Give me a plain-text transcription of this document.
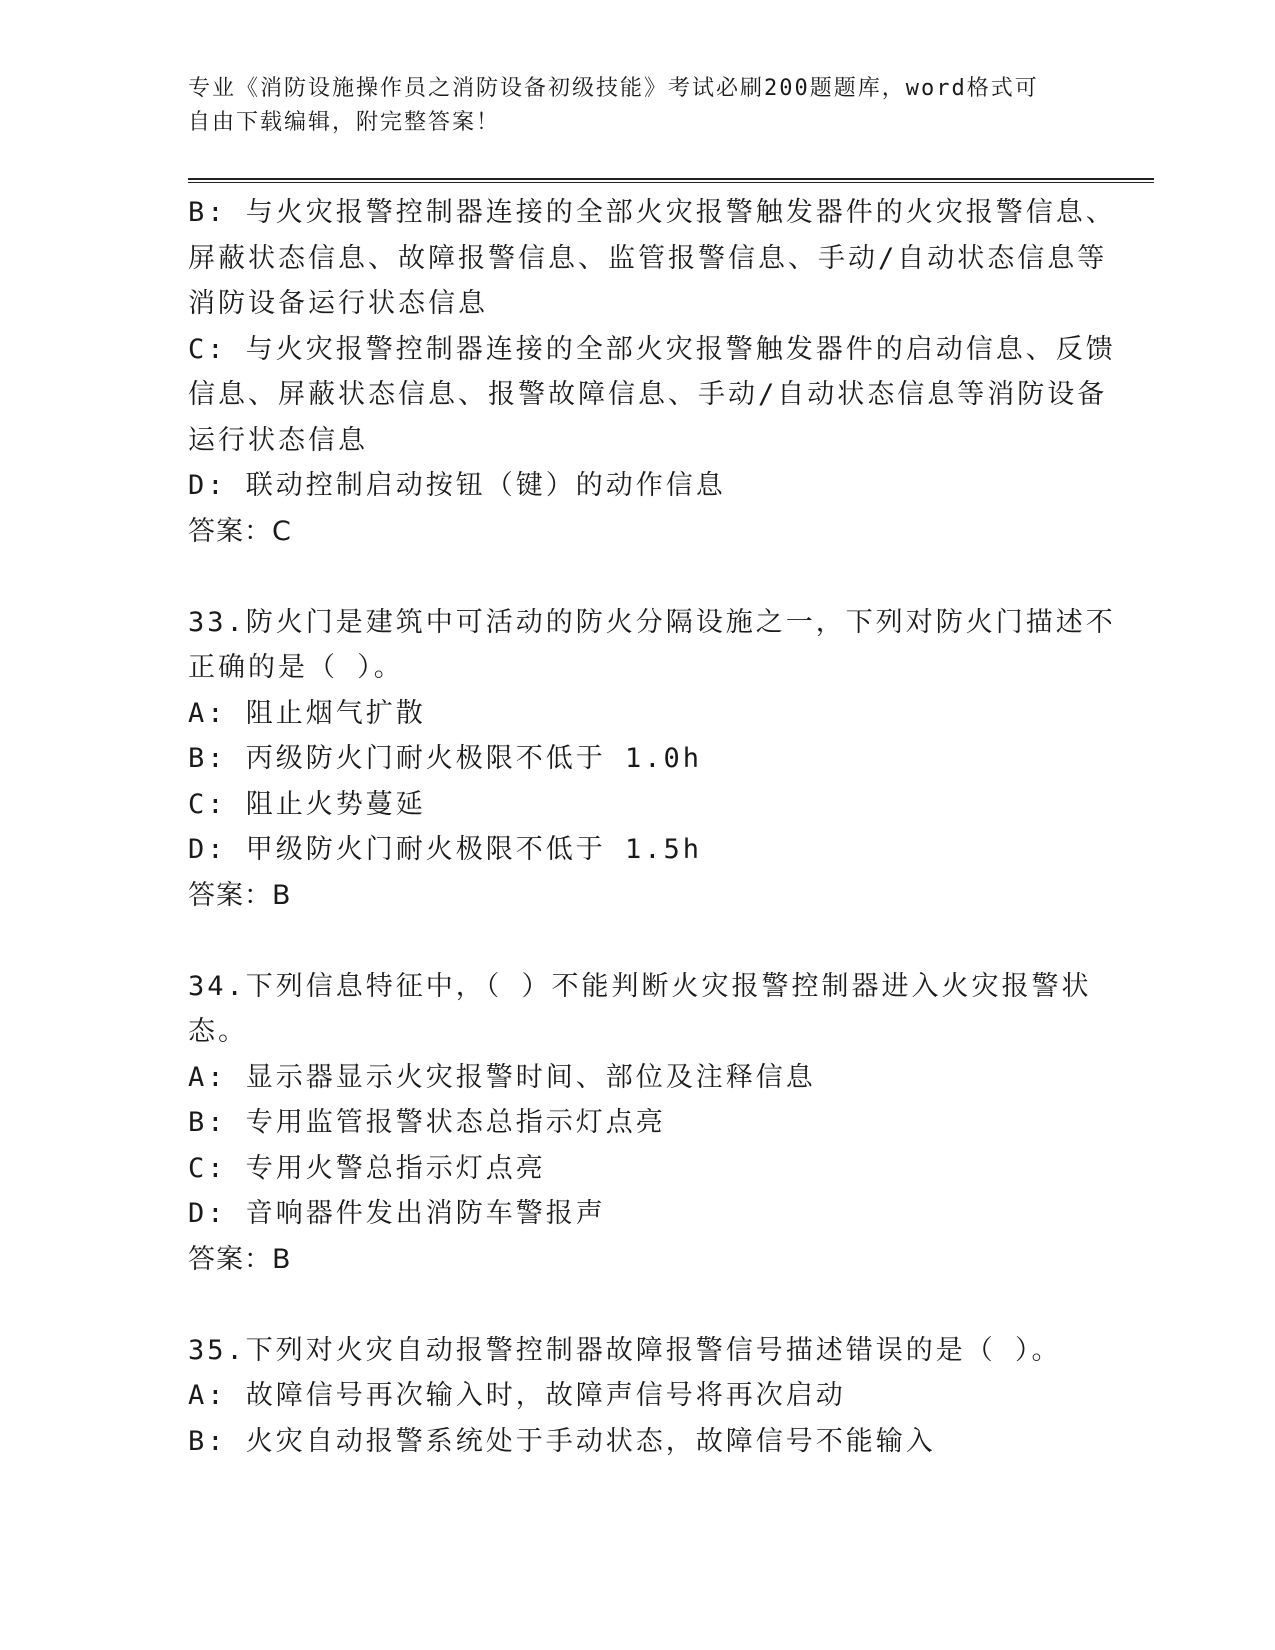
专业《消防设施操作员之消防设备初级技能》考试必刷200题题库，word格式可
自由下载编辑，附完整答案！
B: 与火灾报警控制器连接的全部火灾报警触发器件的火灾报警信息、
屏蔽状态信息、故障报警信息、监管报警信息、手动/自动状态信息等
消防设备运行状态信息
C: 与火灾报警控制器连接的全部火灾报警触发器件的启动信息、反馈
信息、屏蔽状态信息、报警故障信息、手动/自动状态信息等消防设备
运行状态信息
D: 联动控制启动按钮（键）的动作信息
答案：C
33.防火门是建筑中可活动的防火分隔设施之一，下列对防火门描述不
正确的是（ ）。
A: 阻止烟气扩散
B: 丙级防火门耐火极限不低于 1.0h
C: 阻止火势蔓延
D: 甲级防火门耐火极限不低于 1.5h
答案：B
34.下列信息特征中，（ ）不能判断火灾报警控制器进入火灾报警状
态。
A: 显示器显示火灾报警时间、部位及注释信息
B: 专用监管报警状态总指示灯点亮
C: 专用火警总指示灯点亮
D: 音响器件发出消防车警报声
答案：B
35.下列对火灾自动报警控制器故障报警信号描述错误的是（ ）。
A: 故障信号再次输入时，故障声信号将再次启动
B: 火灾自动报警系统处于手动状态，故障信号不能输入
